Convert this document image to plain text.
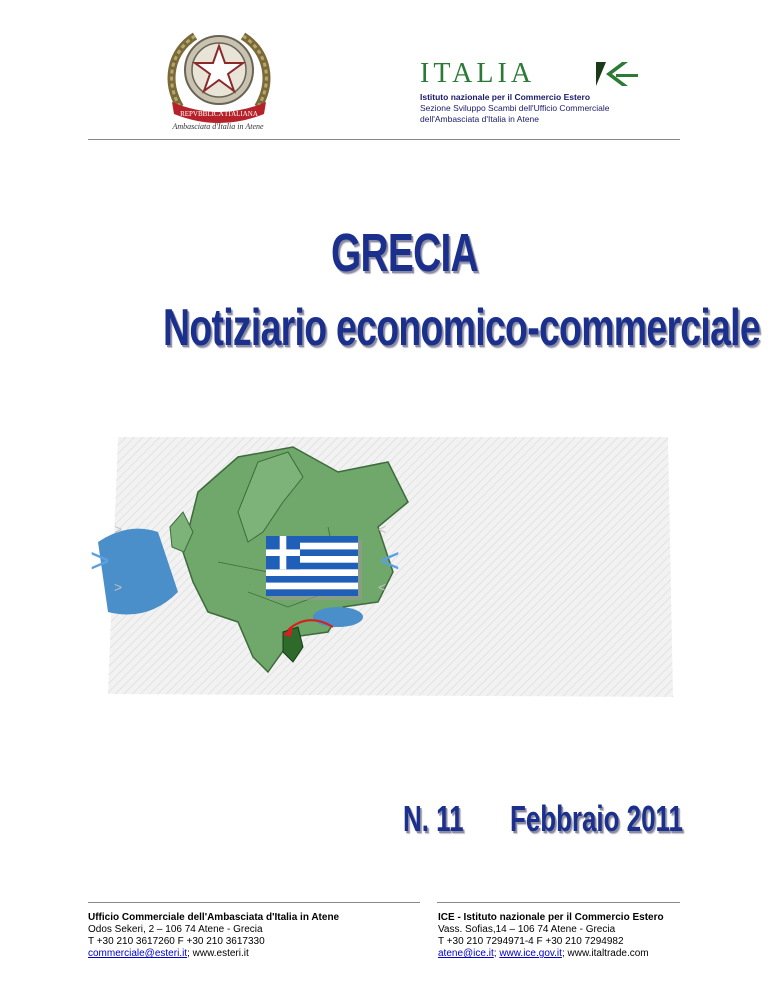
REPVBBLICA ITALIANA
Ambasciata d'Italia in Atene
ITALIA
Istituto nazionale per il Commercio Estero
Sezione Sviluppo Scambi dell'Ufficio Commerciale
dell'Ambasciata d'Italia in Atene
GRECIA
Notiziario economico-commerciale
>
>
>
<
<
<
N. 11 Febbraio 2011
Ufficio Commerciale dell'Ambasciata d'Italia in Atene
Odos Sekeri, 2 – 106 74 Atene - Grecia
T +30 210 3617260 F +30 210 3617330
commerciale@esteri.it; www.esteri.it
ICE - Istituto nazionale per il Commercio Estero
Vass. Sofias,14 – 106 74 Atene - Grecia
T +30 210 7294971-4 F +30 210 7294982
atene@ice.it; www.ice.gov.it; www.italtrade.com
